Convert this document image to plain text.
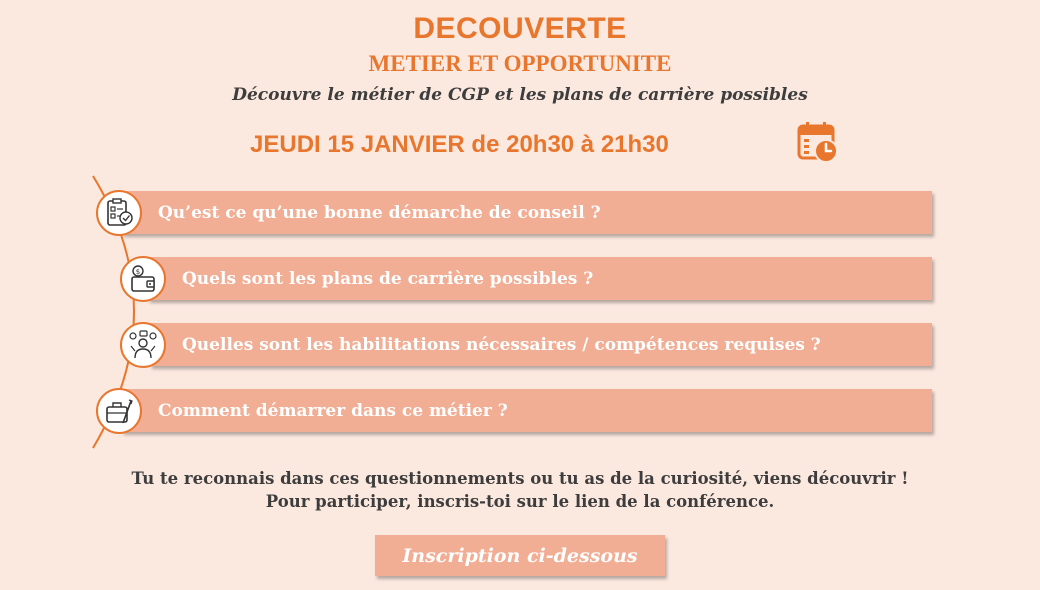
DECOUVERTE
METIER ET OPPORTUNITE
Découvre le métier de CGP et les plans de carrière possibles
JEUDI 15 JANVIER de 20h30 à 21h30
Qu’est ce qu’une bonne démarche de conseil ?
Quels sont les plans de carrière possibles ?
$
Quelles sont les habilitations nécessaires / compétences requises ?
Comment démarrer dans ce métier ?
Tu te reconnais dans ces questionnements ou tu as de la curiosité, viens découvrir !
Pour participer, inscris-toi sur le lien de la conférence.
Inscription ci-dessous
